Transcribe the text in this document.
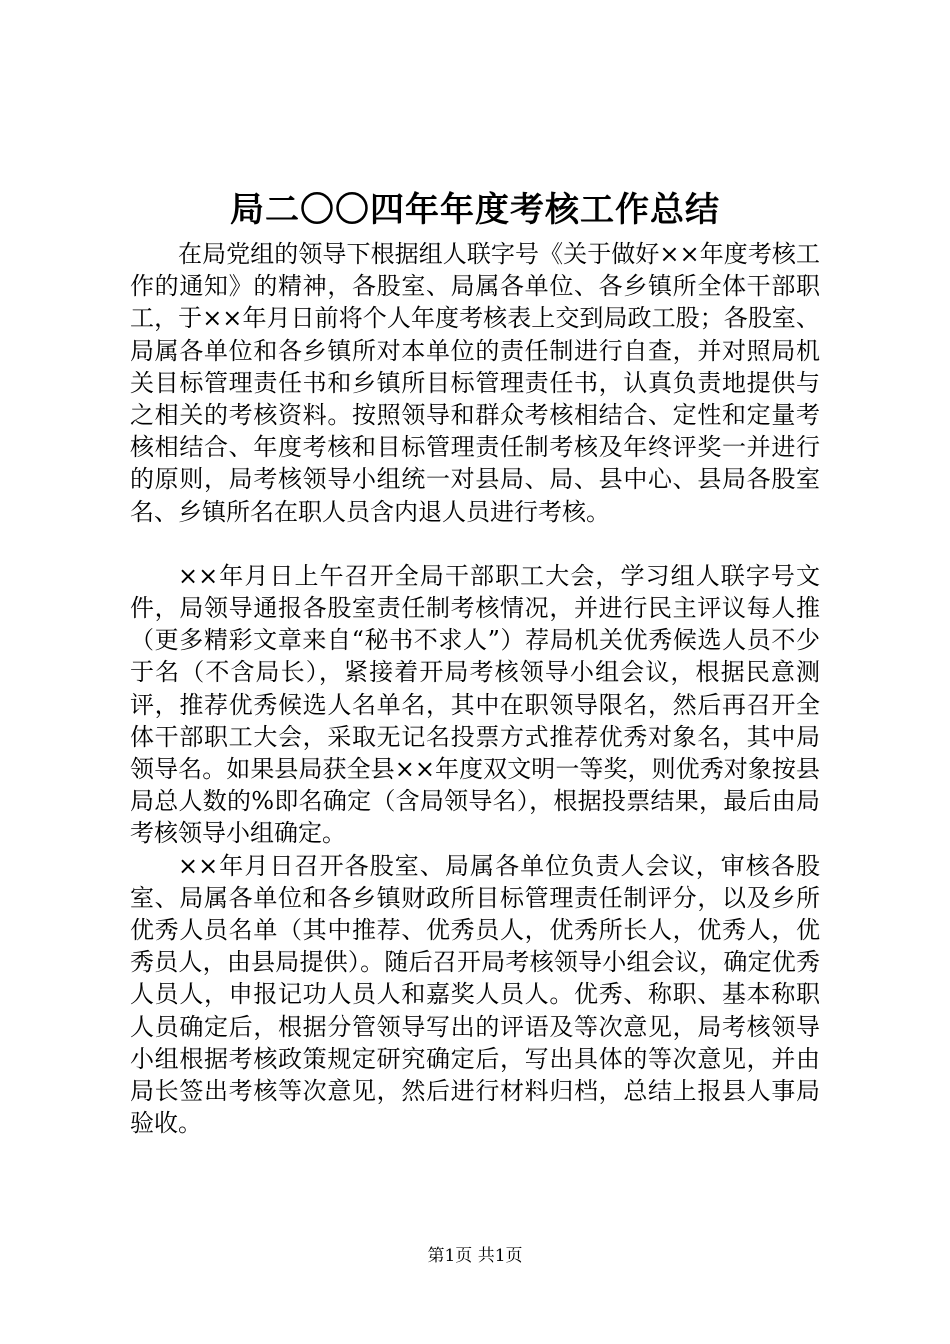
局二〇〇四年年度考核工作总结

在局党组的领导下根据组人联字号《关于做好××年度考核工作的通知》的精神，各股室、局属各单位、各乡镇所全体干部职工，于××年月日前将个人年度考核表上交到局政工股；各股室、局属各单位和各乡镇所对本单位的责任制进行自查，并对照局机关目标管理责任书和乡镇所目标管理责任书，认真负责地提供与之相关的考核资料。按照领导和群众考核相结合、定性和定量考核相结合、年度考核和目标管理责任制考核及年终评奖一并进行的原则，局考核领导小组统一对县局、局、县中心、县局各股室名、乡镇所名在职人员含内退人员进行考核。

××年月日上午召开全局干部职工大会，学习组人联字号文件，局领导通报各股室责任制考核情况，并进行民主评议每人推（更多精彩文章来自“秘书不求人”）荐局机关优秀候选人员不少于名（不含局长），紧接着开局考核领导小组会议，根据民意测评，推荐优秀候选人名单名，其中在职领导限名，然后再召开全体干部职工大会，采取无记名投票方式推荐优秀对象名，其中局领导名。如果县局获全县××年度双文明一等奖，则优秀对象按县局总人数的%即名确定（含局领导名），根据投票结果，最后由局考核领导小组确定。

××年月日召开各股室、局属各单位负责人会议，审核各股室、局属各单位和各乡镇财政所目标管理责任制评分，以及乡所优秀人员名单（其中推荐、优秀员人，优秀所长人，优秀人，优秀员人，由县局提供）。随后召开局考核领导小组会议，确定优秀人员人，申报记功人员人和嘉奖人员人。优秀、称职、基本称职人员确定后，根据分管领导写出的评语及等次意见，局考核领导小组根据考核政策规定研究确定后，写出具体的等次意见，并由局长签出考核等次意见，然后进行材料归档，总结上报县人事局验收。

第1页 共1页
